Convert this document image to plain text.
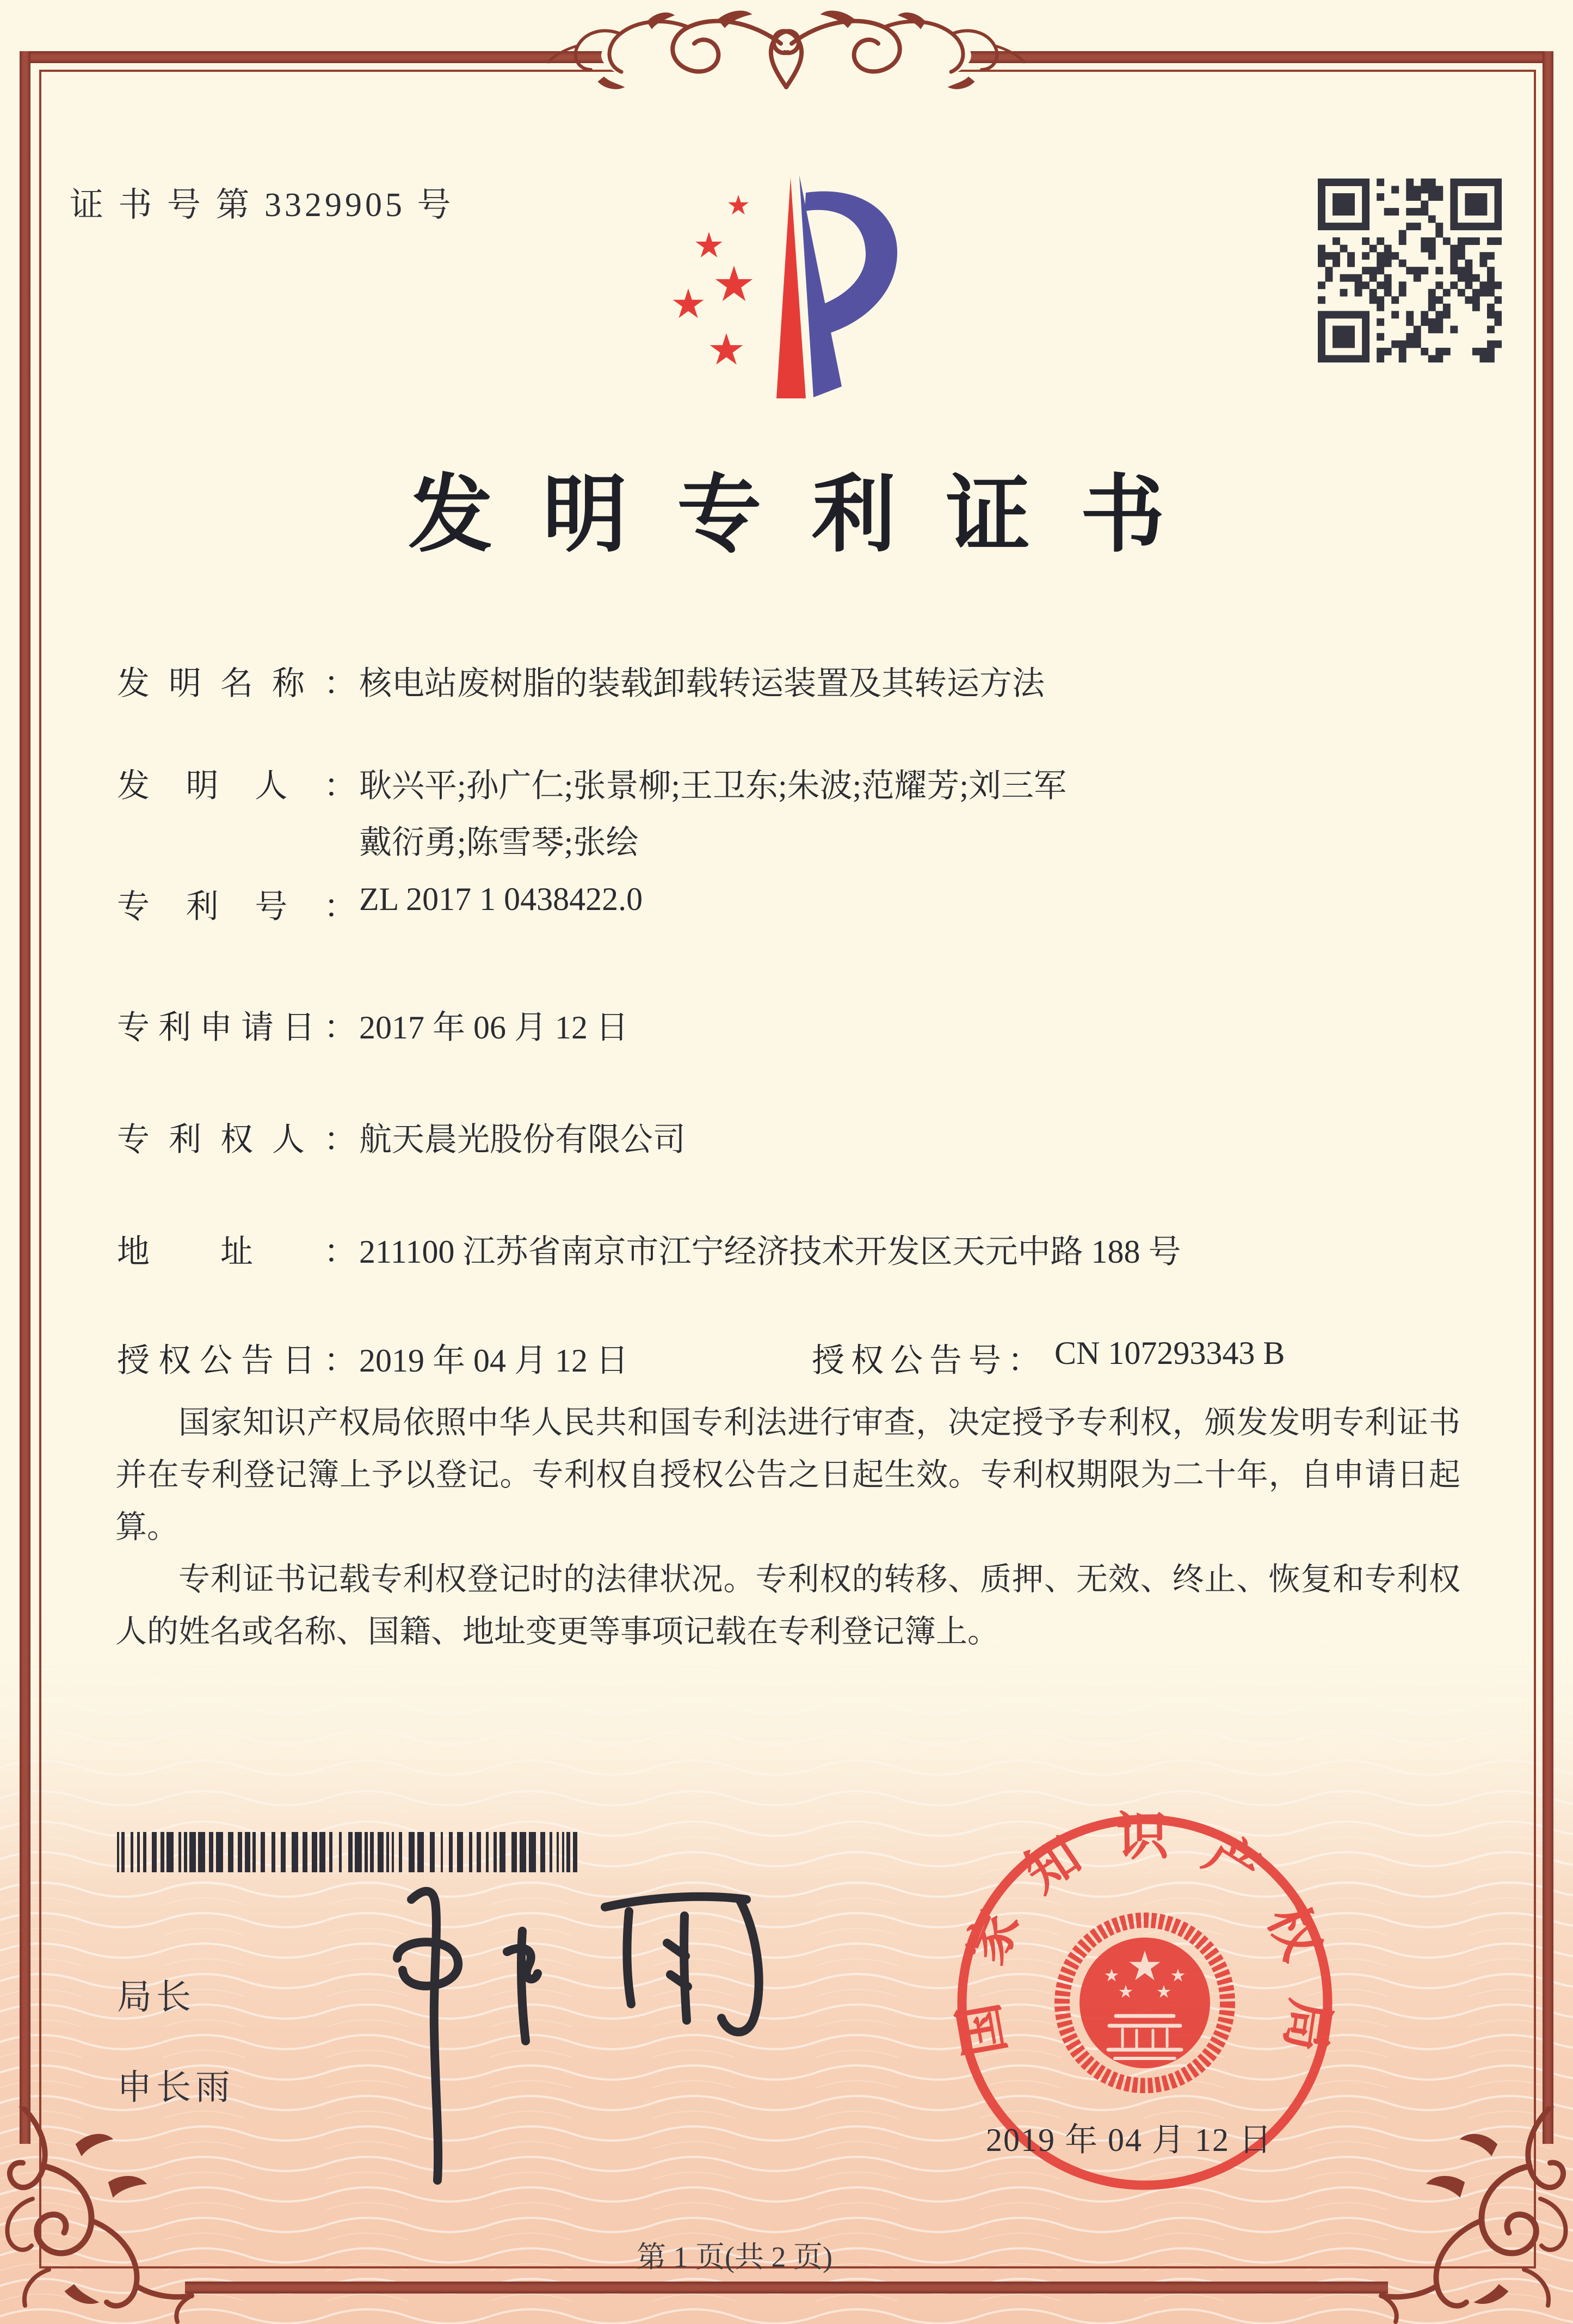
证 书 号 第 3329905 号
发明专利证书
发明名称： 核电站废树脂的装载卸载转运装置及其转运方法
发明人： 耿兴平;孙广仁;张景柳;王卫东;朱波;范耀芳;刘三军
戴衍勇;陈雪琴;张绘
专利号： ZL 2017 1 0438422.0
专利申请日： 2017 年 06 月 12 日
专利权人： 航天晨光股份有限公司
地址： 211100 江苏省南京市江宁经济技术开发区天元中路 188 号
授权公告日： 2019 年 04 月 12 日	授权公告号： CN 107293343 B

国家知识产权局依照中华人民共和国专利法进行审查，决定授予专利权，颁发发明专利证书并在专利登记簿上予以登记。专利权自授权公告之日起生效。专利权期限为二十年，自申请日起算。

专利证书记载专利权登记时的法律状况。专利权的转移、质押、无效、终止、恢复和专利权人的姓名或名称、国籍、地址变更等事项记载在专利登记簿上。

局长
申长雨
国家知识产权局
2019 年 04 月 12 日
第 1 页(共 2 页)
